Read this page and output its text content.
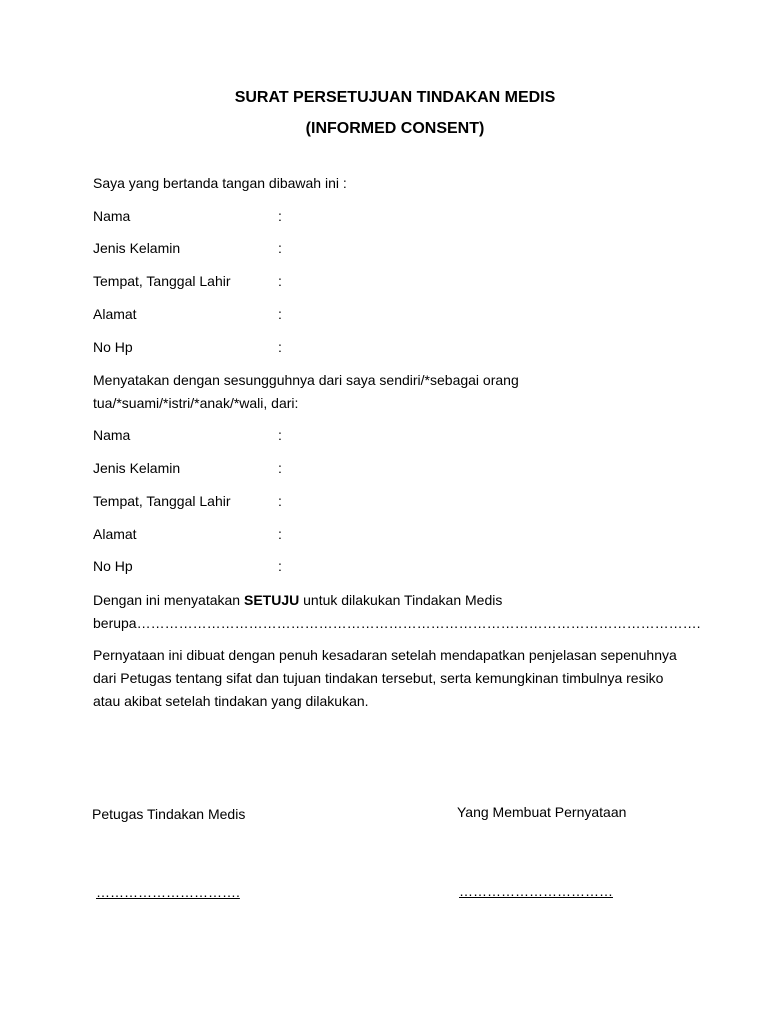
SURAT PERSETUJUAN TINDAKAN MEDIS
(INFORMED CONSENT)
Saya yang bertanda tangan dibawah ini :
Nama	:
Jenis Kelamin	:
Tempat, Tanggal Lahir	:
Alamat	:
No Hp	:
Menyatakan dengan sesungguhnya dari saya sendiri/*sebagai orang
tua/*suami/*istri/*anak/*wali, dari:
Nama	:
Jenis Kelamin	:
Tempat, Tanggal Lahir	:
Alamat	:
No Hp	:
Dengan ini menyatakan SETUJU untuk dilakukan Tindakan Medis
berupa………………………………………………………………………………………………………….
Pernyataan ini dibuat dengan penuh kesadaran setelah mendapatkan penjelasan sepenuhnya
dari Petugas tentang sifat dan tujuan tindakan tersebut, serta kemungkinan timbulnya resiko
atau akibat setelah tindakan yang dilakukan.
Petugas Tindakan Medis	Yang Membuat Pernyataan
………………………….	……………………………
